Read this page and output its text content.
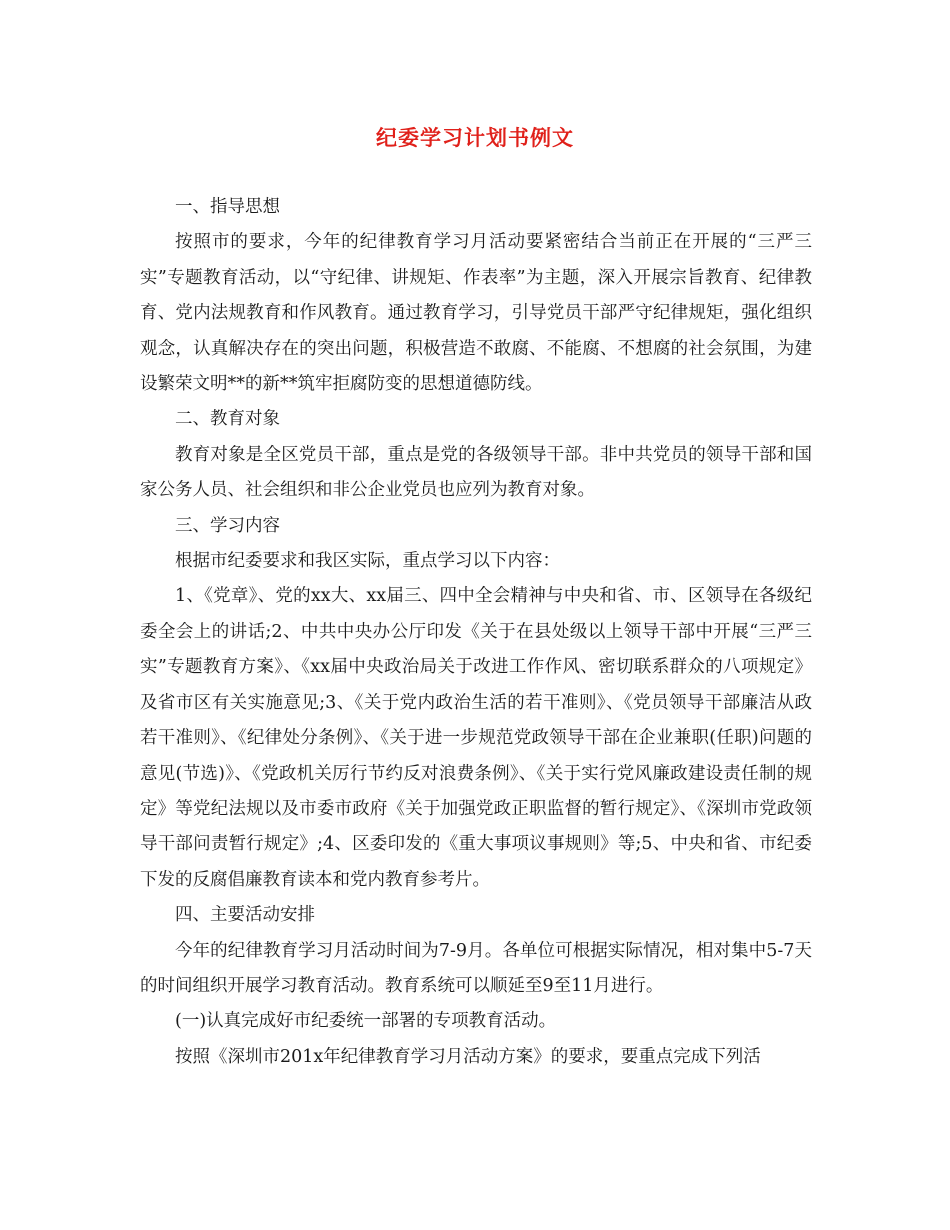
纪委学习计划书例文

一、指导思想

按照市的要求，今年的纪律教育学习月活动要紧密结合当前正在开展的“三严三实”专题教育活动，以“守纪律、讲规矩、作表率”为主题，深入开展宗旨教育、纪律教育、党内法规教育和作风教育。通过教育学习，引导党员干部严守纪律规矩，强化组织观念，认真解决存在的突出问题，积极营造不敢腐、不能腐、不想腐的社会氛围，为建设繁荣文明**的新**筑牢拒腐防变的思想道德防线。

二、教育对象

教育对象是全区党员干部，重点是党的各级领导干部。非中共党员的领导干部和国家公务人员、社会组织和非公企业党员也应列为教育对象。

三、学习内容

根据市纪委要求和我区实际，重点学习以下内容：

1、《党章》、党的xx大、xx届三、四中全会精神与中央和省、市、区领导在各级纪委全会上的讲话;2、中共中央办公厅印发《关于在县处级以上领导干部中开展“三严三实”专题教育方案》、《xx届中央政治局关于改进工作作风、密切联系群众的八项规定》及省市区有关实施意见;3、《关于党内政治生活的若干准则》、《党员领导干部廉洁从政若干准则》、《纪律处分条例》、《关于进一步规范党政领导干部在企业兼职(任职)问题的意见(节选)》、《党政机关厉行节约反对浪费条例》、《关于实行党风廉政建设责任制的规定》等党纪法规以及市委市政府《关于加强党政正职监督的暂行规定》、《深圳市党政领导干部问责暂行规定》;4、区委印发的《重大事项议事规则》等;5、中央和省、市纪委下发的反腐倡廉教育读本和党内教育参考片。

四、主要活动安排

今年的纪律教育学习月活动时间为7-9月。各单位可根据实际情况，相对集中5-7天的时间组织开展学习教育活动。教育系统可以顺延至9至11月进行。

(一)认真完成好市纪委统一部署的专项教育活动。

按照《深圳市201x年纪律教育学习月活动方案》的要求，要重点完成下列活
